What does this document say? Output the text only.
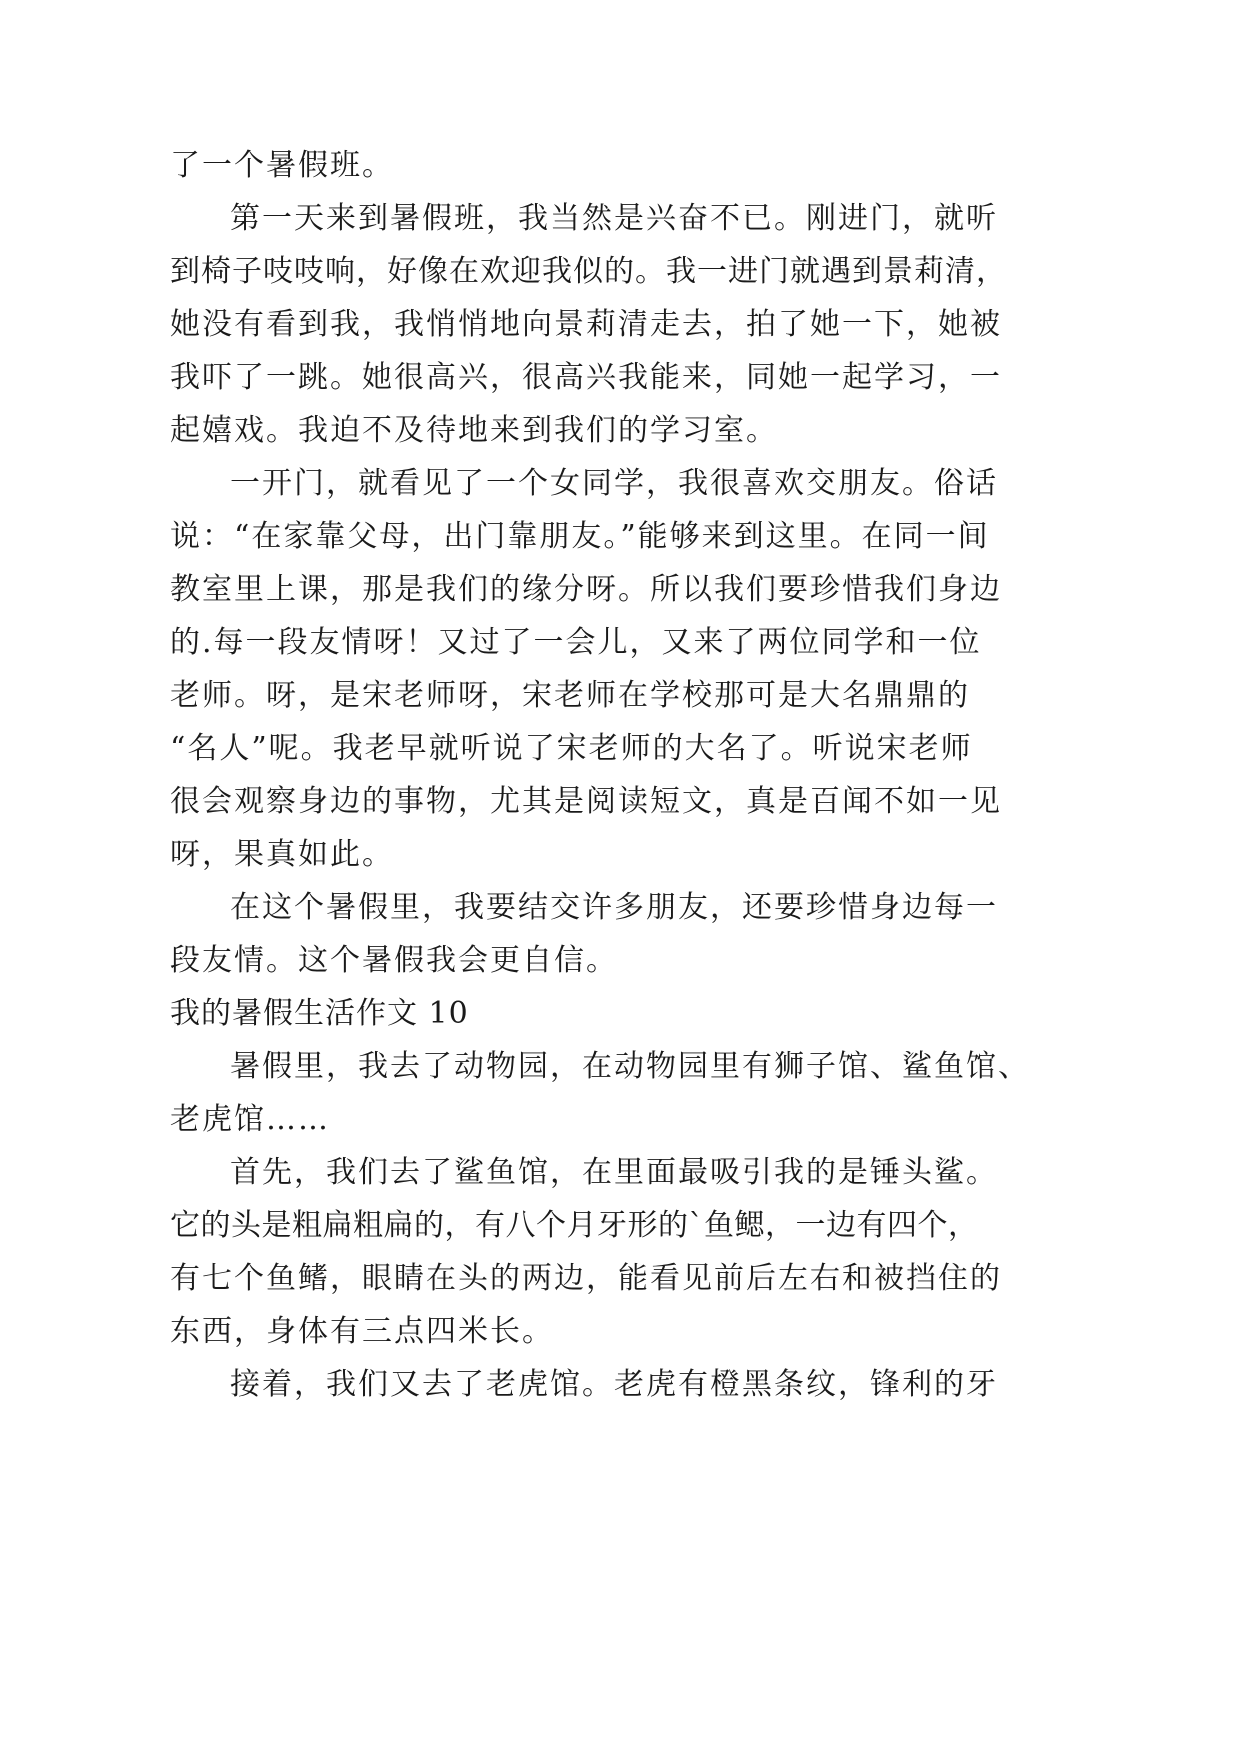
了一个暑假班。
第一天来到暑假班，我当然是兴奋不已。刚进门，就听
到椅子吱吱响，好像在欢迎我似的。我一进门就遇到景莉清，
她没有看到我，我悄悄地向景莉清走去，拍了她一下，她被
我吓了一跳。她很高兴，很高兴我能来，同她一起学习，一
起嬉戏。我迫不及待地来到我们的学习室。
一开门，就看见了一个女同学，我很喜欢交朋友。俗话
说：“在家靠父母，出门靠朋友。”能够来到这里。在同一间
教室里上课，那是我们的缘分呀。所以我们要珍惜我们身边
的.每一段友情呀！又过了一会儿，又来了两位同学和一位
老师。呀，是宋老师呀，宋老师在学校那可是大名鼎鼎的
“名人”呢。我老早就听说了宋老师的大名了。听说宋老师
很会观察身边的事物，尤其是阅读短文，真是百闻不如一见
呀，果真如此。
在这个暑假里，我要结交许多朋友，还要珍惜身边每一
段友情。这个暑假我会更自信。
我的暑假生活作文 10
暑假里，我去了动物园，在动物园里有狮子馆、鲨鱼馆、
老虎馆……
首先，我们去了鲨鱼馆，在里面最吸引我的是锤头鲨。
它的头是粗扁粗扁的，有八个月牙形的`鱼鳃，一边有四个，
有七个鱼鳍，眼睛在头的两边，能看见前后左右和被挡住的
东西，身体有三点四米长。
接着，我们又去了老虎馆。老虎有橙黑条纹，锋利的牙
